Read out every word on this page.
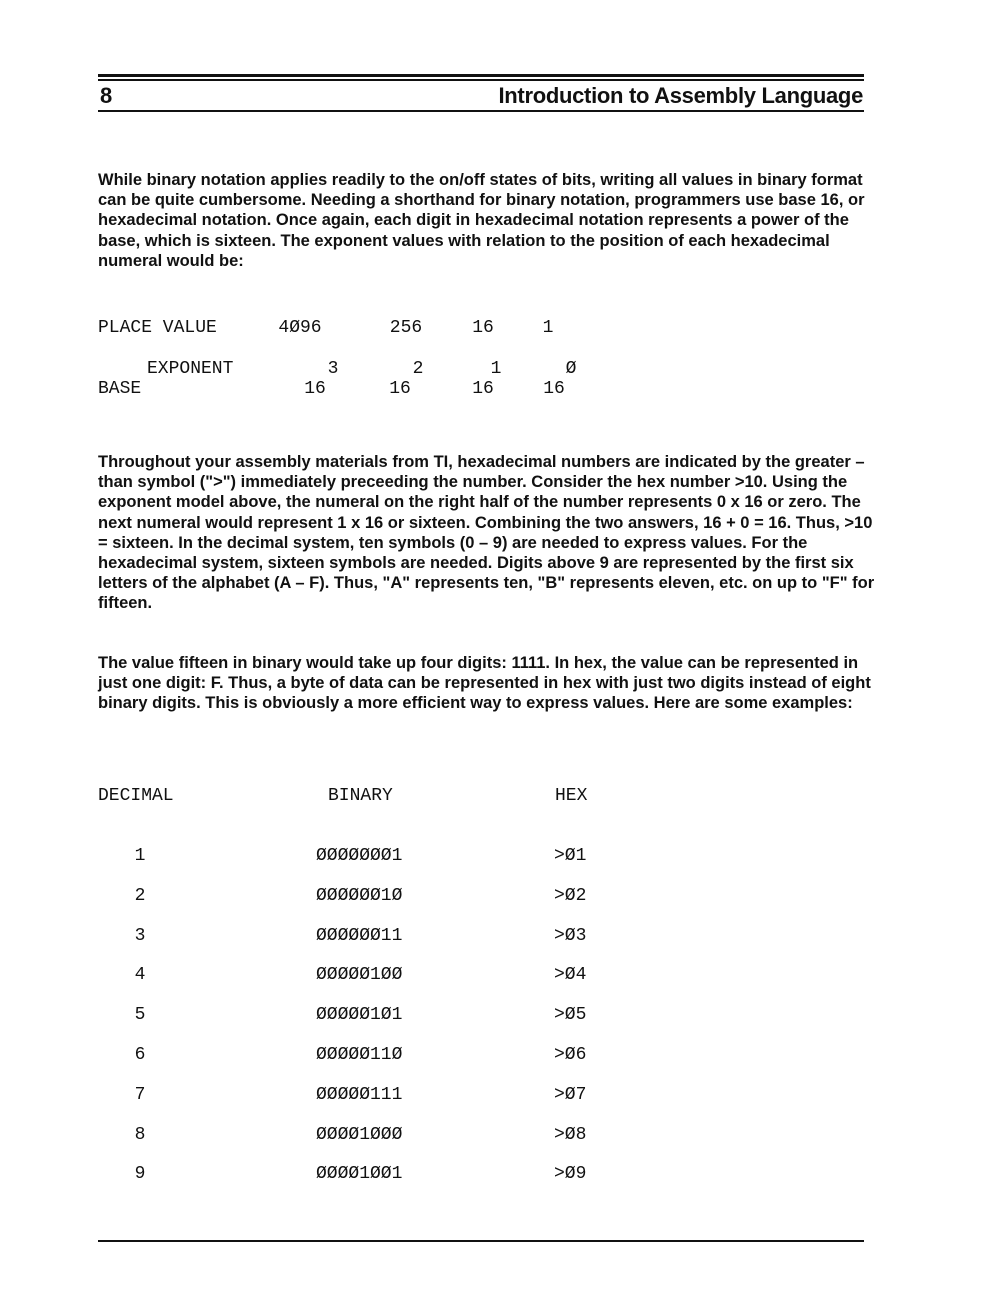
8	Introduction to Assembly Language

While binary notation applies readily to the on/off states of bits, writing all values in binary format can be quite cumbersome. Needing a shorthand for binary notation, programmers use base 16, or hexadecimal notation. Once again, each digit in hexadecimal notation represents a power of the base, which is sixteen. The exponent values with relation to the position of each hexadecimal numeral would be:

PLACE VALUE	4Ø96	256	16	1
EXPONENT	3	2	1	Ø
BASE	16	16	16	16

Throughout your assembly materials from TI, hexadecimal numbers are indicated by the greater – than symbol (">") immediately preceeding the number. Consider the hex number >10. Using the exponent model above, the numeral on the right half of the number represents 0 x 16 or zero. The next numeral would represent 1 x 16 or sixteen. Combining the two answers, 16 + 0 = 16. Thus, >10 = sixteen. In the decimal system, ten symbols (0 – 9) are needed to express values. For the hexadecimal system, sixteen symbols are needed. Digits above 9 are represented by the first six letters of the alphabet (A – F). Thus, "A" represents ten, "B" represents eleven, etc. on up to "F" for fifteen.

The value fifteen in binary would take up four digits: 1111. In hex, the value can be represented in just one digit: F. Thus, a byte of data can be represented in hex with just two digits instead of eight binary digits. This is obviously a more efficient way to express values. Here are some examples:

DECIMAL	BINARY	HEX
1	ØØØØØØØ1	>Ø1
2	ØØØØØØ1Ø	>Ø2
3	ØØØØØØ11	>Ø3
4	ØØØØØ1ØØ	>Ø4
5	ØØØØØ1Ø1	>Ø5
6	ØØØØØ11Ø	>Ø6
7	ØØØØØ111	>Ø7
8	ØØØØ1ØØØ	>Ø8
9	ØØØØ1ØØ1	>Ø9
